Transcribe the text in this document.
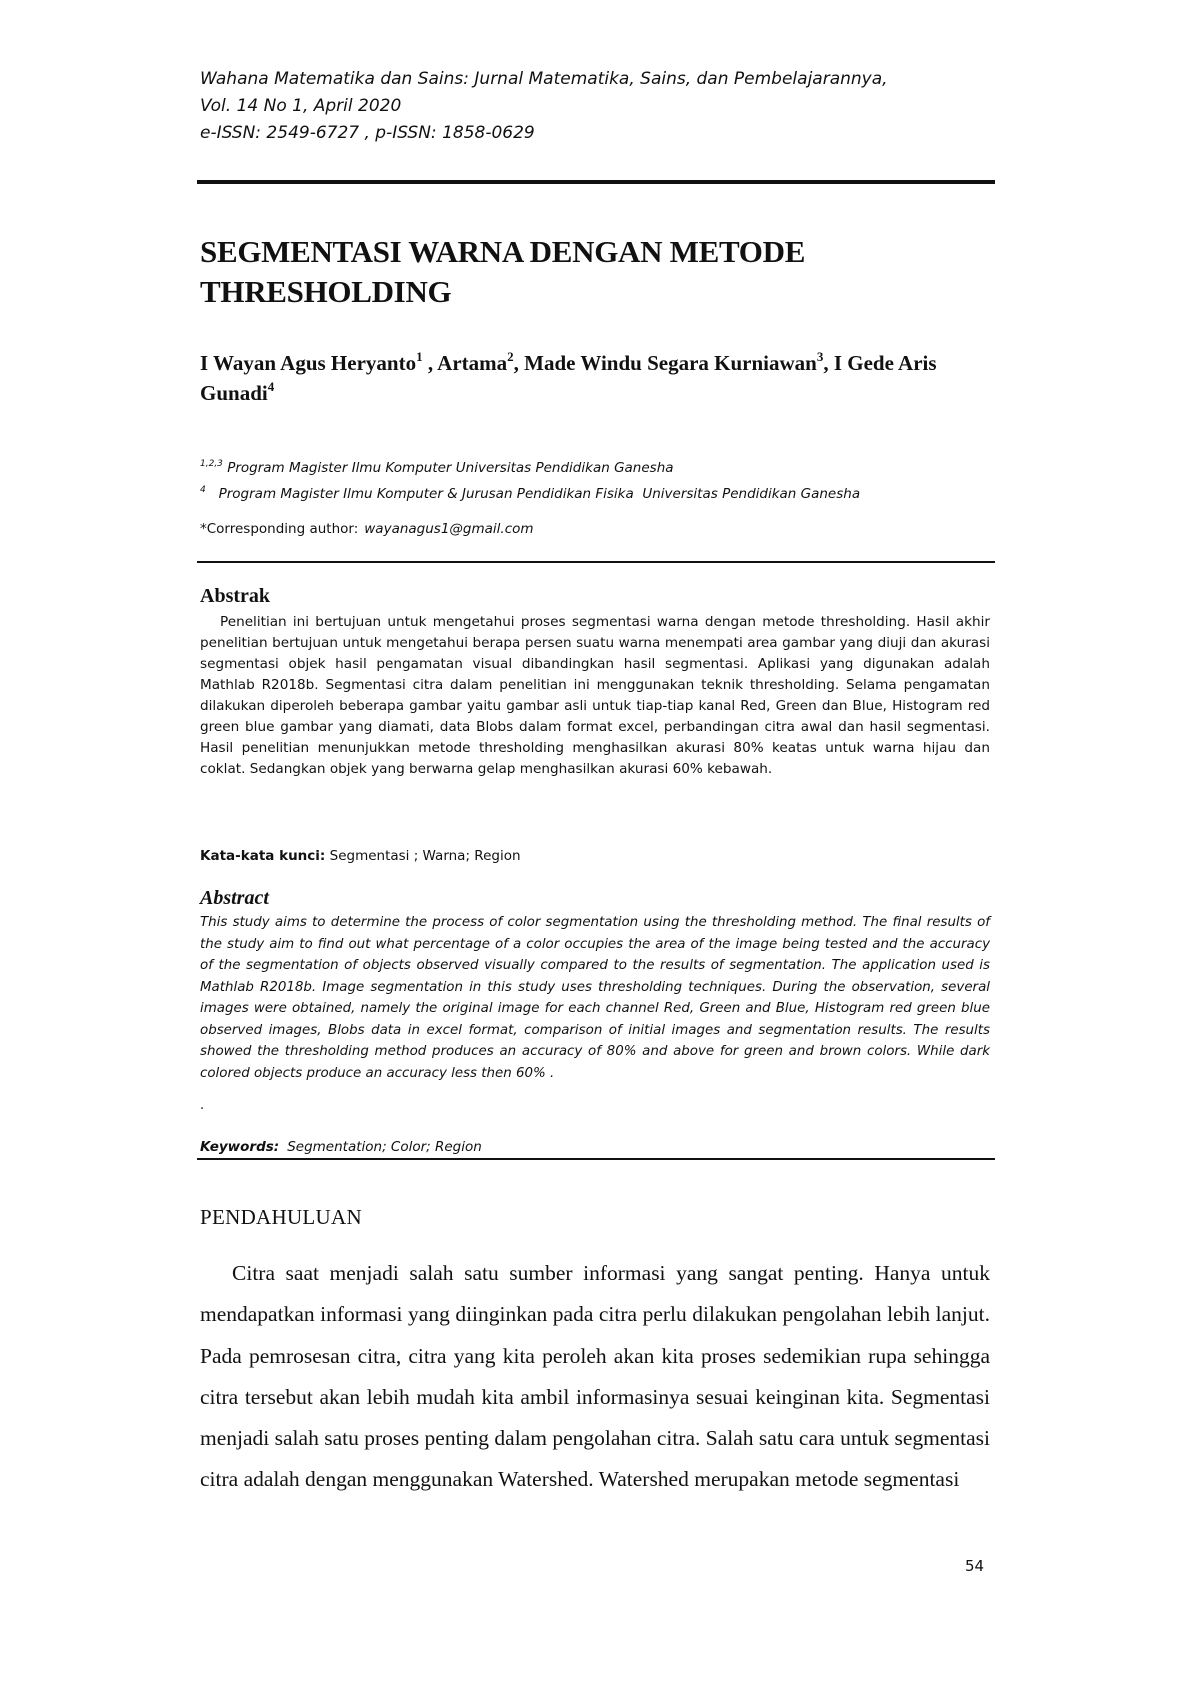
Wahana Matematika dan Sains: Jurnal Matematika, Sains, dan Pembelajarannya,
Vol. 14 No 1, April 2020
e-ISSN: 2549-6727 , p-ISSN: 1858-0629
SEGMENTASI WARNA DENGAN METODE THRESHOLDING
I Wayan Agus Heryanto$^1$ , Artama$^2$, Made Windu Segara Kurniawan$^3$, I Gede Aris Gunadi$^4$
$^{1,2,3}$ Program Magister Ilmu Komputer Universitas Pendidikan Ganesha
$^4$   Program Magister Ilmu Komputer & Jurusan Pendidikan Fisika  Universitas Pendidikan Ganesha
*Corresponding author: wayanagus1@gmail.com
Abstrak
Penelitian ini bertujuan untuk mengetahui proses segmentasi warna dengan metode thresholding. Hasil akhir penelitian bertujuan untuk mengetahui berapa persen suatu warna menempati area gambar yang diuji dan akurasi segmentasi objek hasil pengamatan visual dibandingkan hasil segmentasi. Aplikasi yang digunakan adalah Mathlab R2018b. Segmentasi citra dalam penelitian ini menggunakan teknik thresholding. Selama pengamatan dilakukan diperoleh beberapa gambar yaitu gambar asli untuk tiap-tiap kanal Red, Green dan Blue, Histogram red green blue gambar yang diamati, data Blobs dalam format excel, perbandingan citra awal dan hasil segmentasi. Hasil penelitian menunjukkan metode thresholding menghasilkan akurasi 80% keatas untuk warna hijau dan coklat. Sedangkan objek yang berwarna gelap menghasilkan akurasi 60% kebawah.
Kata-kata kunci: Segmentasi ; Warna; Region
Abstract
This study aims to determine the process of color segmentation using the thresholding method. The final results of the study aim to find out what percentage of a color occupies the area of the image being tested and the accuracy of the segmentation of objects observed visually compared to the results of segmentation. The application used is Mathlab R2018b. Image segmentation in this study uses thresholding techniques. During the observation, several images were obtained, namely the original image for each channel Red, Green and Blue, Histogram red green blue observed images, Blobs data in excel format, comparison of initial images and segmentation results. The results showed the thresholding method produces an accuracy of 80% and above for green and brown colors. While dark colored objects produce an accuracy less then 60% .
.
Keywords: Segmentation; Color; Region
PENDAHULUAN
Citra saat menjadi salah satu sumber informasi yang sangat penting. Hanya untuk mendapatkan informasi yang diinginkan pada citra perlu dilakukan pengolahan lebih lanjut. Pada pemrosesan citra, citra yang kita peroleh akan kita proses sedemikian rupa sehingga citra tersebut akan lebih mudah kita ambil informasinya sesuai keinginan kita. Segmentasi menjadi salah satu proses penting dalam pengolahan citra. Salah satu cara untuk segmentasi citra adalah dengan menggunakan Watershed. Watershed merupakan metode segmentasi
54
